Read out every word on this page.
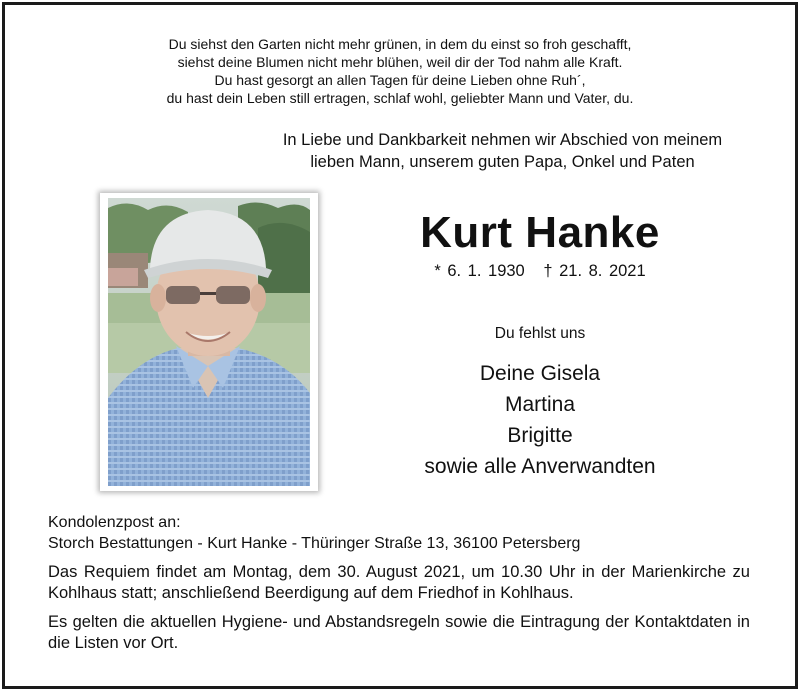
Du siehst den Garten nicht mehr grünen, in dem du einst so froh geschafft,
siehst deine Blumen nicht mehr blühen, weil dir der Tod nahm alle Kraft.
Du hast gesorgt an allen Tagen für deine Lieben ohne Ruh´,
du hast dein Leben still ertragen, schlaf wohl, geliebter Mann und Vater, du.
In Liebe und Dankbarkeit nehmen wir Abschied von meinem
lieben Mann, unserem guten Papa, Onkel und Paten
Kurt Hanke
* 6. 1. 1930 † 21. 8. 2021
Du fehlst uns
Deine Gisela
Martina
Brigitte
sowie alle Anverwandten
Kondolenzpost an:
Storch Bestattungen - Kurt Hanke - Thüringer Straße 13, 36100 Petersberg
Das Requiem findet am Montag, dem 30. August 2021, um 10.30 Uhr in der Marienkirche zu Kohlhaus statt; anschließend Beerdigung auf dem Friedhof in Kohlhaus.
Es gelten die aktuellen Hygiene- und Abstandsregeln sowie die Eintragung der Kontaktdaten in die Listen vor Ort.
